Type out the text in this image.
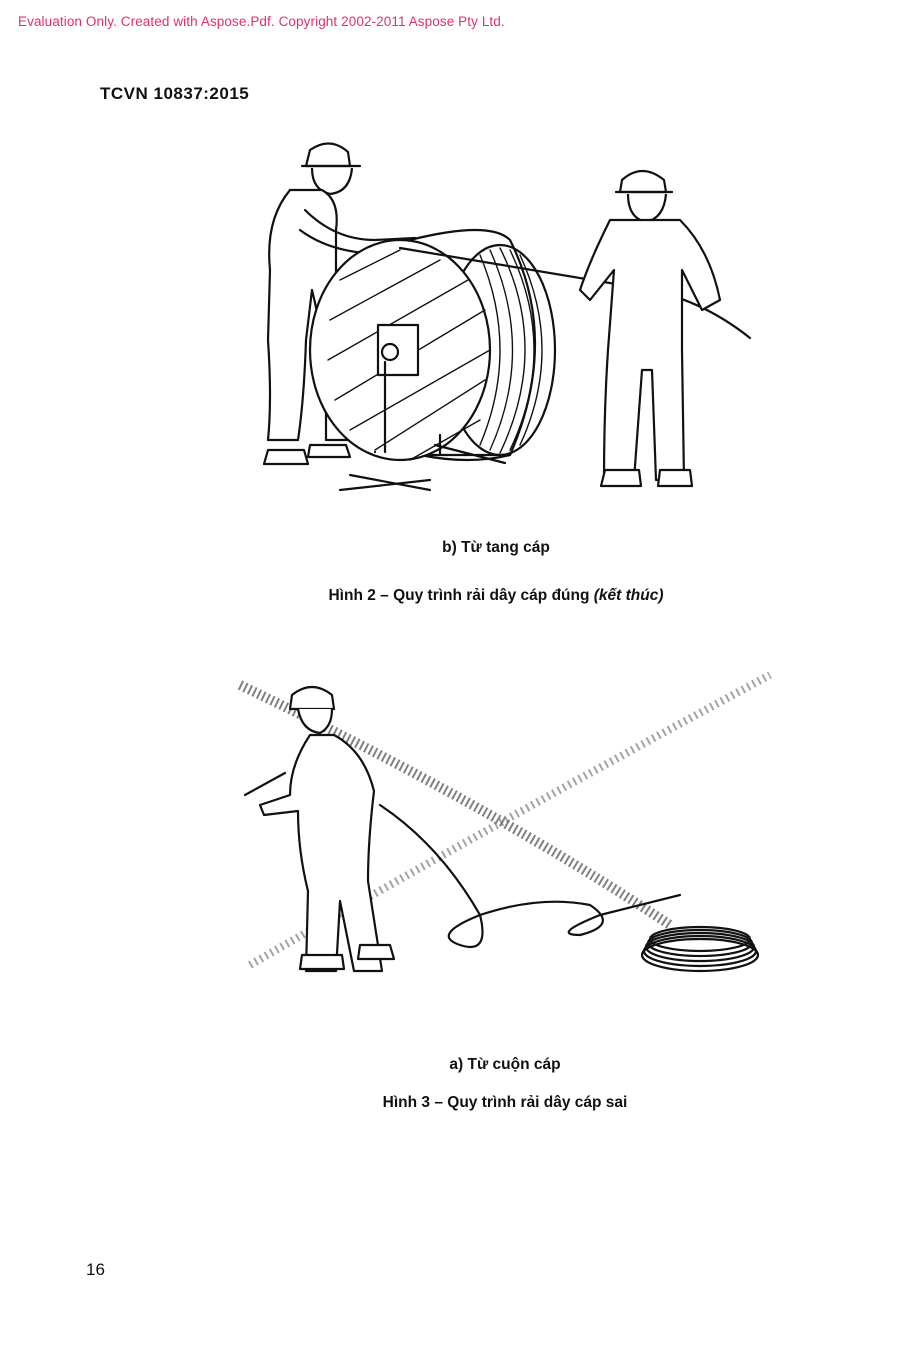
Evaluation Only. Created with Aspose.Pdf. Copyright 2002-2011 Aspose Pty Ltd.
TCVN 10837:2015
b) Từ tang cáp
Hình 2 – Quy trình rải dây cáp đúng (kết thúc)
a) Từ cuộn cáp
Hình 3 – Quy trình rải dây cáp sai
16
